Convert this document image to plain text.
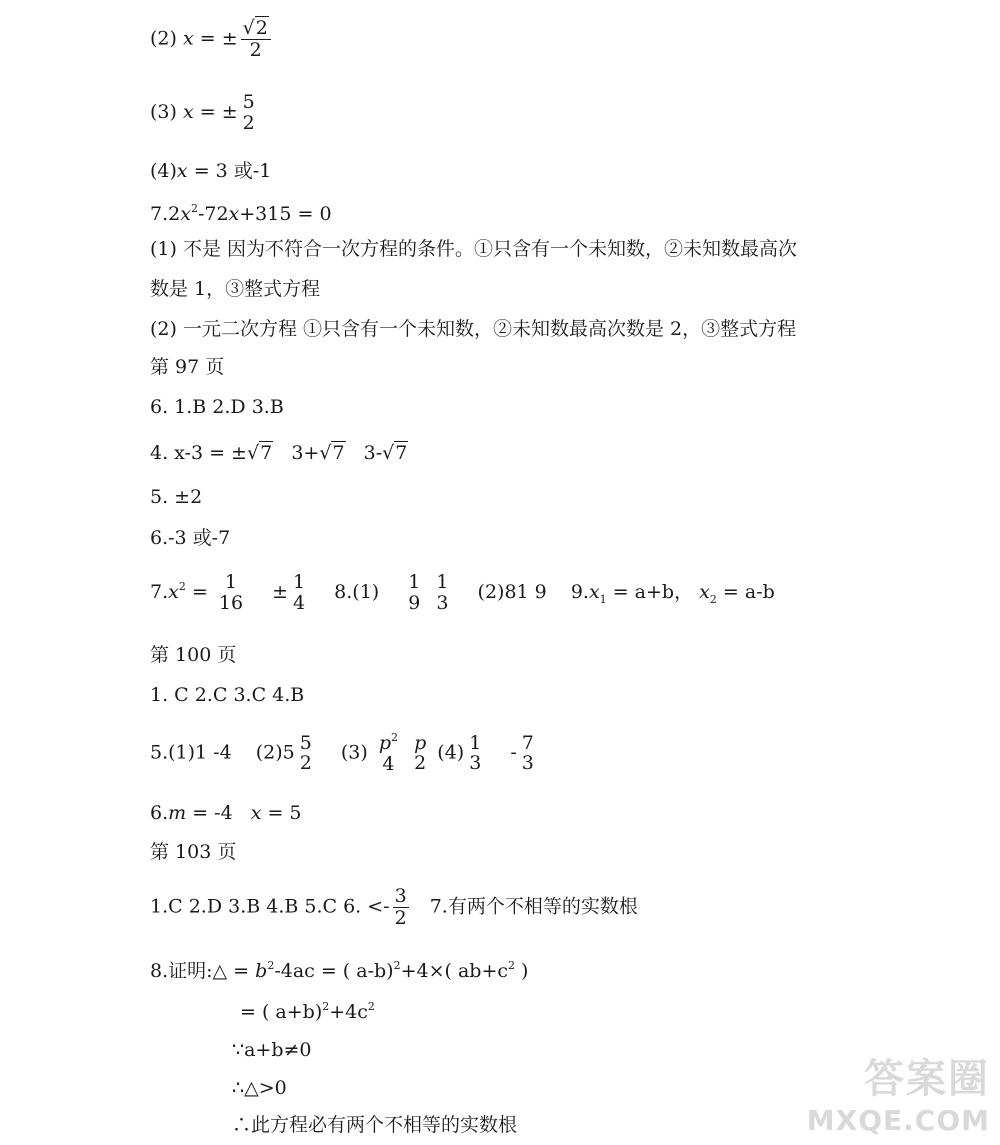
(2) x = ± $\frac{√2}{2}$
(3) x = ± 5
2
(4)x = 3 或-1
$7.2x^2-72x+315 = 0$
(1) 不是 因为不符合一次方程的条件。①只含有一个未知数，②未知数最高次
数是 1，③整式方程
(2) 一元二次方程 ①只含有一个未知数，②未知数最高次数是 2，③整式方程
第 97 页
6. 1.B 2.D 3.B
4. x-3 = ±√7 3+√7 3-√7
5. ±2
6.-3 或-7
$7.x^2 = 1$
16 ± 1
4 8.(1) 1
9

1
3 (2)81 9 $9.x_1 = a+b$， $x_2 = a-b$
第 100 页
1. C 2.C 3.C 4.B
5.(1)1 -4 (2)5 5
2 (3) $p^2$
4

p
2 (4) 1
3 - 7
3
6.m = -4 x = 5
第 103 页
1.C 2.D 3.B 4.B 5.C 6. <- $\frac{3}{2} 7$.有两个不相等的实数根
8.证明:△ = $b^2-4ac$ = ( a-b)$^2$+4×( $ab+c^2$ )
= ( $a+b)^2+4c^2$
∵a+b≠0
∴△>0
∴此方程必有两个不相等的实数根
答案圈
MXQE.COM
